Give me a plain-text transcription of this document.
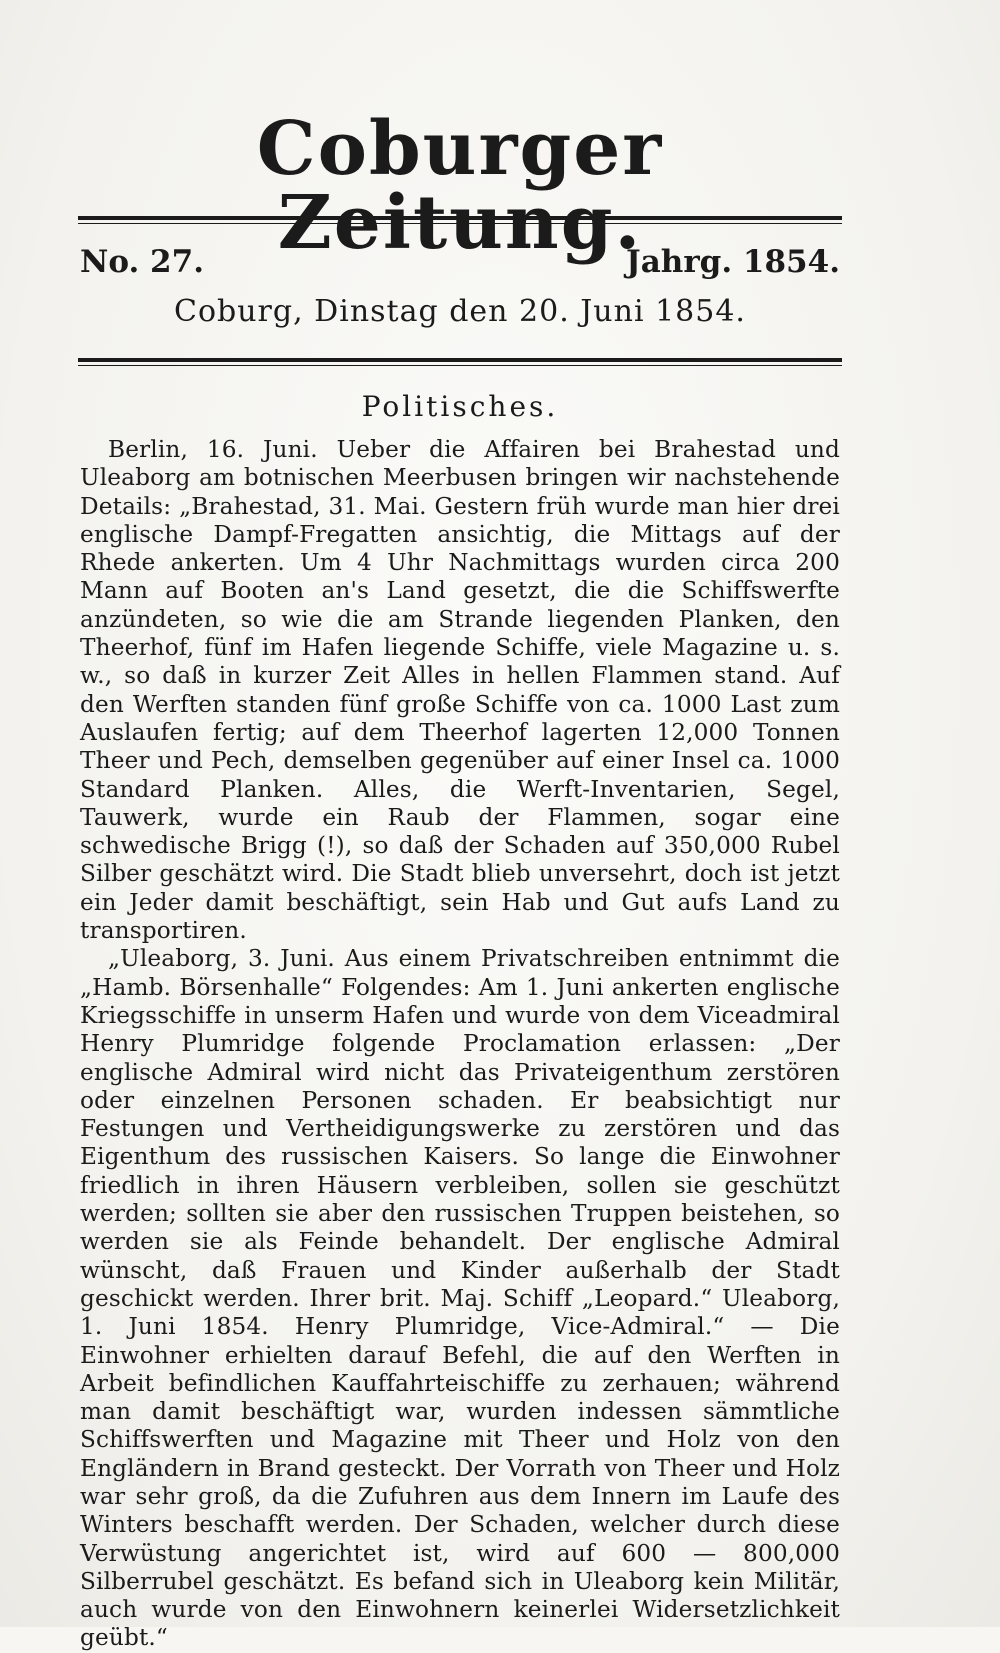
Coburger Zeitung.
No. 27.	Jahrg. 1854.
Coburg, Dinstag den 20. Juni 1854.
Politisches.

Berlin, 16. Juni. Ueber die Affairen bei Brahestad und Uleaborg am botnischen Meerbusen bringen wir nachstehende Details: „Brahestad, 31. Mai. Gestern früh wurde man hier drei englische Dampf-Fregatten ansichtig, die Mittags auf der Rhede ankerten. Um 4 Uhr Nachmittags wurden circa 200 Mann auf Booten an's Land gesetzt, die die Schiffswerfte anzündeten, so wie die am Strande liegenden Planken, den Theerhof, fünf im Hafen liegende Schiffe, viele Magazine u. s. w., so daß in kurzer Zeit Alles in hellen Flammen stand. Auf den Werften standen fünf große Schiffe von ca. 1000 Last zum Auslaufen fertig; auf dem Theerhof lagerten 12,000 Tonnen Theer und Pech, demselben gegenüber auf einer Insel ca. 1000 Standard Planken. Alles, die Werft-Inventarien, Segel, Tauwerk, wurde ein Raub der Flammen, sogar eine schwedische Brigg (!), so daß der Schaden auf 350,000 Rubel Silber geschätzt wird. Die Stadt blieb unversehrt, doch ist jetzt ein Jeder damit beschäftigt, sein Hab und Gut aufs Land zu transportiren.

„Uleaborg, 3. Juni. Aus einem Privatschreiben entnimmt die „Hamb. Börsenhalle“ Folgendes: Am 1. Juni ankerten englische Kriegsschiffe in unserm Hafen und wurde von dem Viceadmiral Henry Plumridge folgende Proclamation erlassen: „Der englische Admiral wird nicht das Privateigenthum zerstören oder einzelnen Personen schaden. Er beabsichtigt nur Festungen und Vertheidigungswerke zu zerstören und das Eigenthum des russischen Kaisers. So lange die Einwohner friedlich in ihren Häusern verbleiben, sollen sie geschützt werden; sollten sie aber den russischen Truppen beistehen, so werden sie als Feinde behandelt. Der englische Admiral wünscht, daß Frauen und Kinder außerhalb der Stadt geschickt werden. Ihrer brit. Maj. Schiff „Leopard.“ Uleaborg, 1. Juni 1854. Henry Plumridge, Vice-Admiral.“ — Die Einwohner erhielten darauf Befehl, die auf den Werften in Arbeit befindlichen Kauffahrteischiffe zu zerhauen; während man damit beschäftigt war, wurden indessen sämmtliche Schiffswerften und Magazine mit Theer und Holz von den Engländern in Brand gesteckt. Der Vorrath von Theer und Holz war sehr groß, da die Zufuhren aus dem Innern im Laufe des Winters beschafft werden. Der Schaden, welcher durch diese Verwüstung angerichtet ist, wird auf 600 — 800,000 Silberrubel geschätzt. Es befand sich in Uleaborg kein Militär, auch wurde von den Einwohnern keinerlei Widersetzlichkeit geübt.“
